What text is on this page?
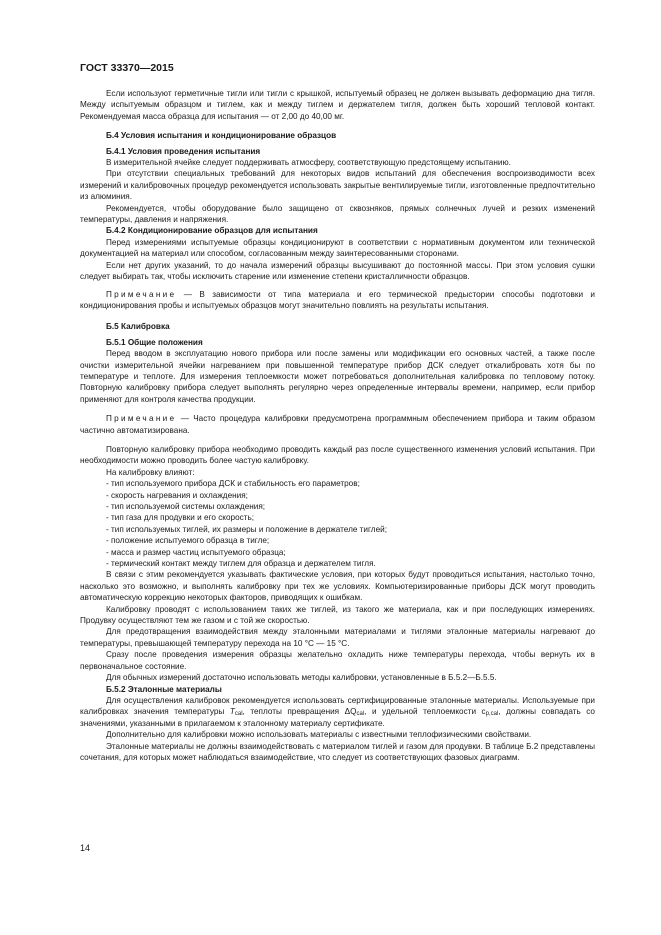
ГОСТ 33370—2015

Если используют герметичные тигли или тигли с крышкой, испытуемый образец не должен вызывать деформацию дна тигля. Между испытуемым образцом и тиглем, как и между тиглем и держателем тигля, должен быть хороший тепловой контакт. Рекомендуемая масса образца для испытания — от 2,00 до 40,00 мг.

Б.4 Условия испытания и кондиционирование образцов

Б.4.1 Условия проведения испытания

В измерительной ячейке следует поддерживать атмосферу, соответствующую предстоящему испытанию.

При отсутствии специальных требований для некоторых видов испытаний для обеспечения воспроизводимости всех измерений и калибровочных процедур рекомендуется использовать закрытые вентилируемые тигли, изготовленные предпочтительно из алюминия.

Рекомендуется, чтобы оборудование было защищено от сквозняков, прямых солнечных лучей и резких изменений температуры, давления и напряжения.

Б.4.2 Кондиционирование образцов для испытания

Перед измерениями испытуемые образцы кондиционируют в соответствии с нормативным документом или технической документацией на материал или способом, согласованным между заинтересованными сторонами.

Если нет других указаний, то до начала измерений образцы высушивают до постоянной массы. При этом условия сушки следует выбирать так, чтобы исключить старение или изменение степени кристалличности образцов.

Примечание — В зависимости от типа материала и его термической предыстории способы подготовки и кондиционирования пробы и испытуемых образцов могут значительно повлиять на результаты испытания.

Б.5 Калибровка

Б.5.1 Общие положения

Перед вводом в эксплуатацию нового прибора или после замены или модификации его основных частей, а также после очистки измерительной ячейки нагреванием при повышенной температуре прибор ДСК следует откалибровать хотя бы по температуре и теплоте. Для измерения теплоемкости может потребоваться дополнительная калибровка по тепловому потоку. Повторную калибровку прибора следует выполнять регулярно через определенные интервалы времени, например, если прибор применяют для контроля качества продукции.

Примечание — Часто процедура калибровки предусмотрена программным обеспечением прибора и таким образом частично автоматизирована.

Повторную калибровку прибора необходимо проводить каждый раз после существенного изменения условий испытания. При необходимости можно проводить более частую калибровку.

На калибровку влияют:

- тип используемого прибора ДСК и стабильность его параметров;

- скорость нагревания и охлаждения;

- тип используемой системы охлаждения;

- тип газа для продувки и его скорость;

- тип используемых тиглей, их размеры и положение в держателе тиглей;

- положение испытуемого образца в тигле;

- масса и размер частиц испытуемого образца;

- термический контакт между тиглем для образца и держателем тигля.

В связи с этим рекомендуется указывать фактические условия, при которых будут проводиться испытания, настолько точно, насколько это возможно, и выполнять калибровку при тех же условиях. Компьютеризированные приборы ДСК могут проводить автоматическую коррекцию некоторых факторов, приводящих к ошибкам.

Калибровку проводят с использованием таких же тиглей, из такого же материала, как и при последующих измерениях. Продувку осуществляют тем же газом и с той же скоростью.

Для предотвращения взаимодействия между эталонными материалами и тиглями эталонные материалы нагревают до температуры, превышающей температуру перехода на 10 °С — 15 °С.

Сразу после проведения измерения образцы желательно охладить ниже температуры перехода, чтобы вернуть их в первоначальное состояние.

Для обычных измерений достаточно использовать методы калибровки, установленные в Б.5.2—Б.5.5.

Б.5.2 Эталонные материалы

Для осуществления калибровок рекомендуется использовать сертифицированные эталонные материалы. Используемые при калибровках значения температуры $T_{cal}$, теплоты превращения $\Delta Q_{cal}$, и удельной теплоемкости $c_{p,cal}$, должны совпадать со значениями, указанными в прилагаемом к эталонному материалу сертификате.

Дополнительно для калибровки можно использовать материалы с известными теплофизическими свойствами.

Эталонные материалы не должны взаимодействовать с материалом тиглей и газом для продувки. В таблице Б.2 представлены сочетания, для которых может наблюдаться взаимодействие, что следует из соответствующих фазовых диаграмм.

14
